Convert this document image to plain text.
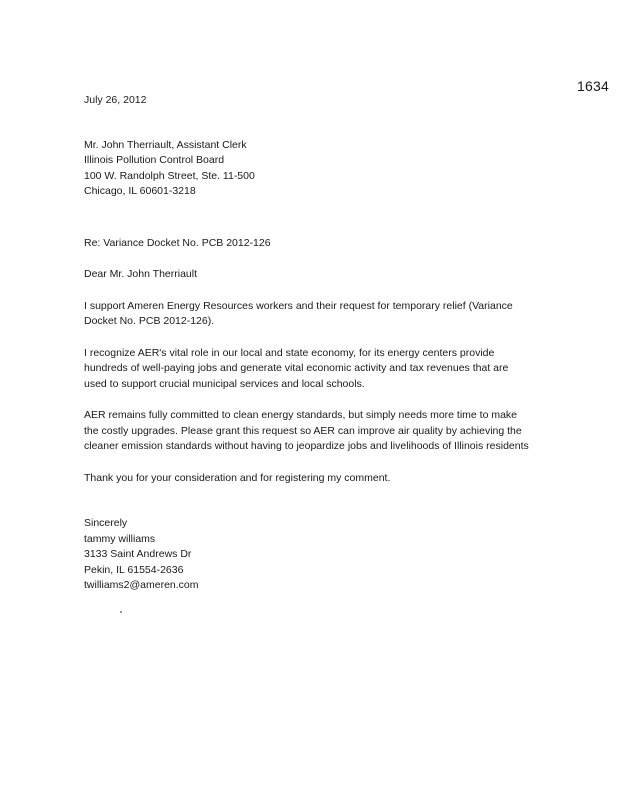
1634
July 26, 2012
Mr. John Therriault, Assistant Clerk
Illinois Pollution Control Board
100 W. Randolph Street, Ste. 11-500
Chicago, IL 60601-3218
Re: Variance Docket No. PCB 2012-126
Dear Mr. John Therriault
I support Ameren Energy Resources workers and their request for temporary relief (Variance
Docket No. PCB 2012-126).
I recognize AER's vital role in our local and state economy, for its energy centers provide
hundreds of well-paying jobs and generate vital economic activity and tax revenues that are
used to support crucial municipal services and local schools.
AER remains fully committed to clean energy standards, but simply needs more time to make
the costly upgrades. Please grant this request so AER can improve air quality by achieving the
cleaner emission standards without having to jeopardize jobs and livelihoods of Illinois residents
Thank you for your consideration and for registering my comment.
Sincerely
tammy williams
3133 Saint Andrews Dr
Pekin, IL 61554-2636
twilliams2@ameren.com
